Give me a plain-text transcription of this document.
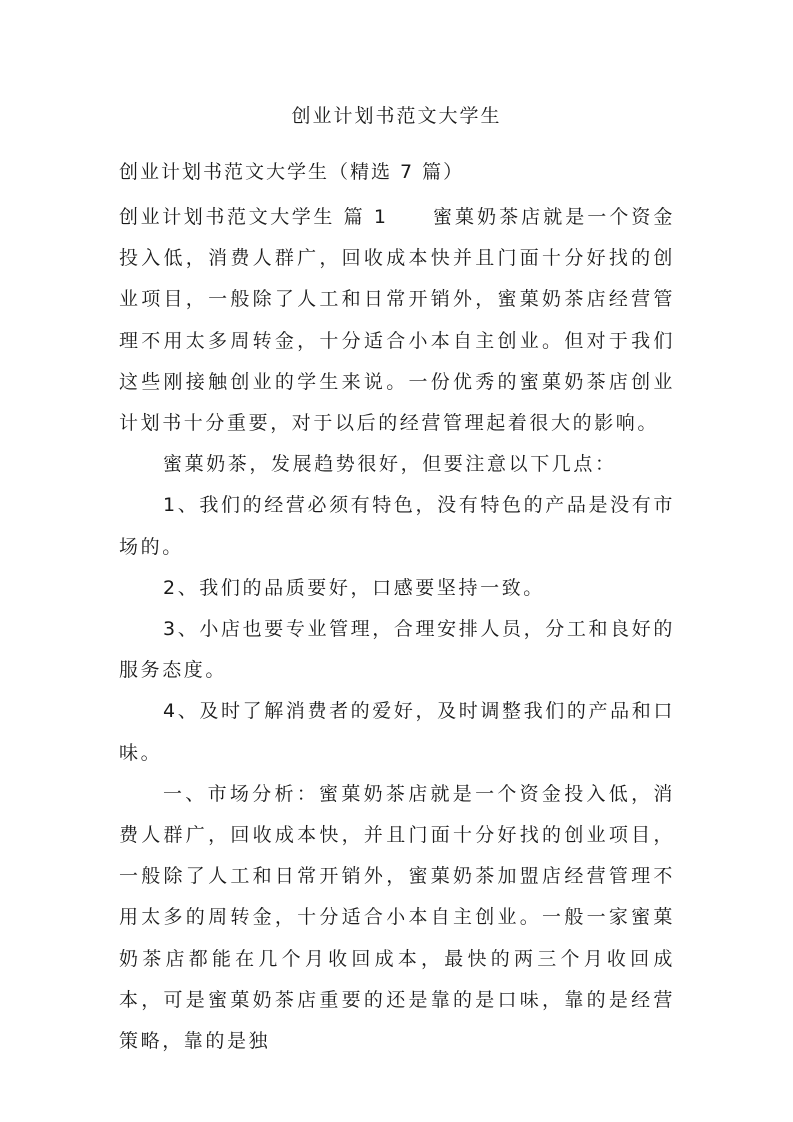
创业计划书范文大学生
创业计划书范文大学生（精选 7 篇）

创业计划书范文大学生 篇 1 蜜菓奶茶店就是一个资金投入低，消费人群广，回收成本快并且门面十分好找的创业项目，一般除了人工和日常开销外，蜜菓奶茶店经营管理不用太多周转金，十分适合小本自主创业。但对于我们这些刚接触创业的学生来说。一份优秀的蜜菓奶茶店创业计划书十分重要，对于以后的经营管理起着很大的影响。

蜜菓奶茶，发展趋势很好，但要注意以下几点：

1、我们的经营必须有特色，没有特色的产品是没有市场的。

2、我们的品质要好，口感要坚持一致。

3、小店也要专业管理，合理安排人员，分工和良好的服务态度。

4、及时了解消费者的爱好，及时调整我们的产品和口味。

一、市场分析：蜜菓奶茶店就是一个资金投入低，消费人群广，回收成本快，并且门面十分好找的创业项目，一般除了人工和日常开销外，蜜菓奶茶加盟店经营管理不用太多的周转金，十分适合小本自主创业。一般一家蜜菓奶茶店都能在几个月收回成本，最快的两三个月收回成本，可是蜜菓奶茶店重要的还是靠的是口味，靠的是经营策略，靠的是独
